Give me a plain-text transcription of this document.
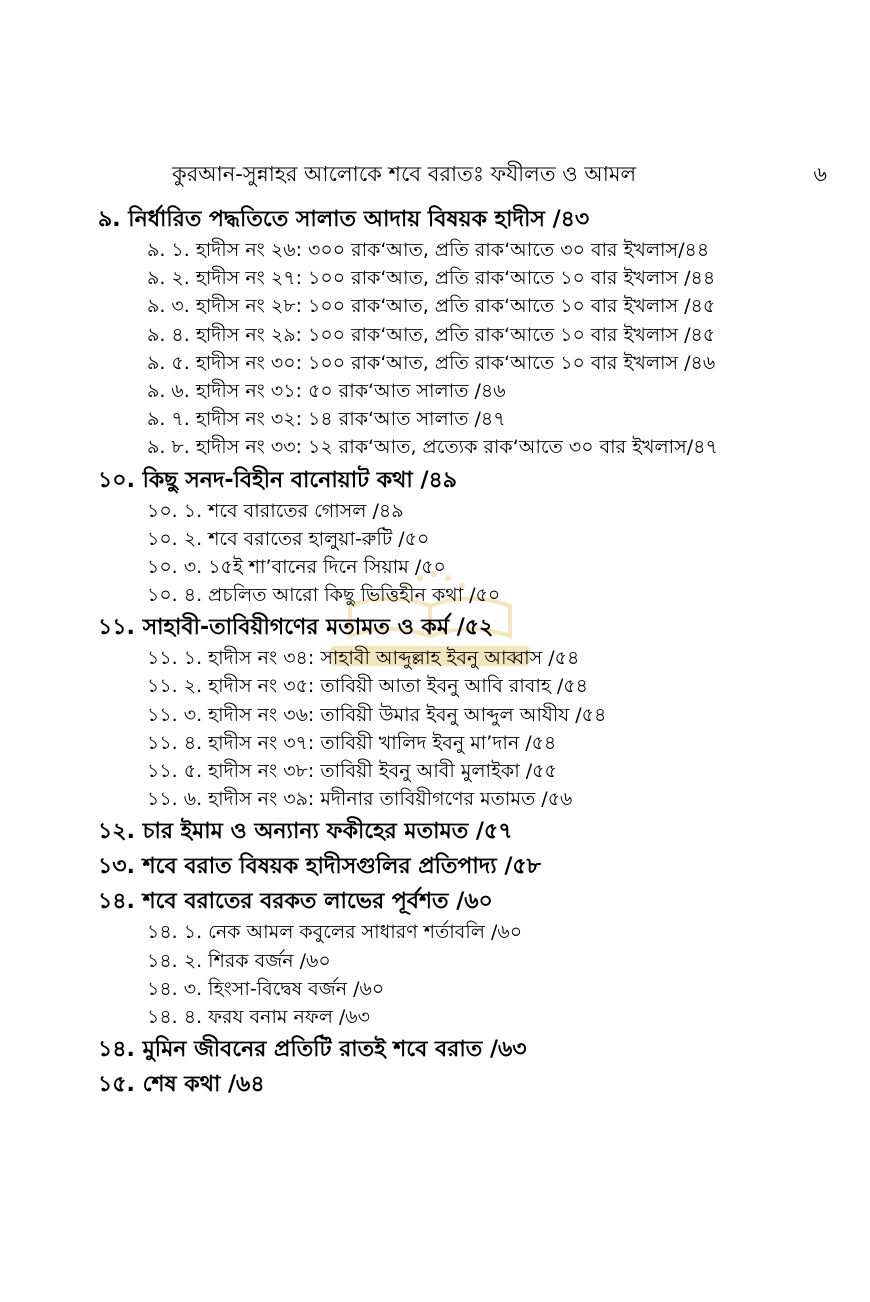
কুরআন-সুন্নাহর আলোকে শবে বরাতঃ ফযীলত ও আমল	৬
৯. নির্ধারিত পদ্ধতিতে সালাত আদায় বিষয়ক হাদীস /৪৩
৯. ১. হাদীস নং ২৬: ৩০০ রাক‘আত, প্রতি রাক‘আতে ৩০ বার ইখলাস/৪৪
৯. ২. হাদীস নং ২৭: ১০০ রাক‘আত, প্রতি রাক‘আতে ১০ বার ইখলাস /৪৪
৯. ৩. হাদীস নং ২৮: ১০০ রাক‘আত, প্রতি রাক‘আতে ১০ বার ইখলাস /৪৫
৯. ৪. হাদীস নং ২৯: ১০০ রাক‘আত, প্রতি রাক‘আতে ১০ বার ইখলাস /৪৫
৯. ৫. হাদীস নং ৩০: ১০০ রাক‘আত, প্রতি রাক‘আতে ১০ বার ইখলাস /৪৬
৯. ৬. হাদীস নং ৩১: ৫০ রাক‘আত সালাত /৪৬
৯. ৭. হাদীস নং ৩২: ১৪ রাক‘আত সালাত /৪৭
৯. ৮. হাদীস নং ৩৩: ১২ রাক‘আত, প্রত্যেক রাক‘আতে ৩০ বার ইখলাস/৪৭
১০. কিছু সনদ-বিহীন বানোয়াট কথা /৪৯
১০. ১. শবে বারাতের গোসল /৪৯
১০. ২. শবে বরাতের হালুয়া-রুটি /৫০
১০. ৩. ১৫ই শা’বানের দিনে সিয়াম /৫০
১০. ৪. প্রচলিত আরো কিছু ভিত্তিহীন কথা /৫০
১১. সাহাবী-তাবিয়ীগণের মতামত ও কর্ম /৫২
১১. ১. হাদীস নং ৩৪: সাহাবী আব্দুল্লাহ ইবনু আব্বাস /৫৪
১১. ২. হাদীস নং ৩৫: তাবিয়ী আতা ইবনু আবি রাবাহ /৫৪
১১. ৩. হাদীস নং ৩৬: তাবিয়ী উমার ইবনু আব্দুল আযীয /৫৪
১১. ৪. হাদীস নং ৩৭: তাবিয়ী খালিদ ইবনু মা’দান /৫৪
১১. ৫. হাদীস নং ৩৮: তাবিয়ী ইবনু আবী মুলাইকা /৫৫
১১. ৬. হাদীস নং ৩৯: মদীনার তাবিয়ীগণের মতামত /৫৬
১২. চার ইমাম ও অন্যান্য ফকীহের মতামত /৫৭
১৩. শবে বরাত বিষয়ক হাদীসগুলির প্রতিপাদ্য /৫৮
১৪. শবে বরাতের বরকত লাভের পূর্বশত /৬০
১৪. ১. নেক আমল কবুলের সাধারণ শর্তাবলি /৬০
১৪. ২. শিরক বর্জন /৬০
১৪. ৩. হিংসা-বিদ্বেষ বর্জন /৬০
১৪. ৪. ফরয বনাম নফল /৬৩
১৪. মুমিন জীবনের প্রতিটি রাতই শবে বরাত /৬৩
১৫. শেষ কথা /৬৪
